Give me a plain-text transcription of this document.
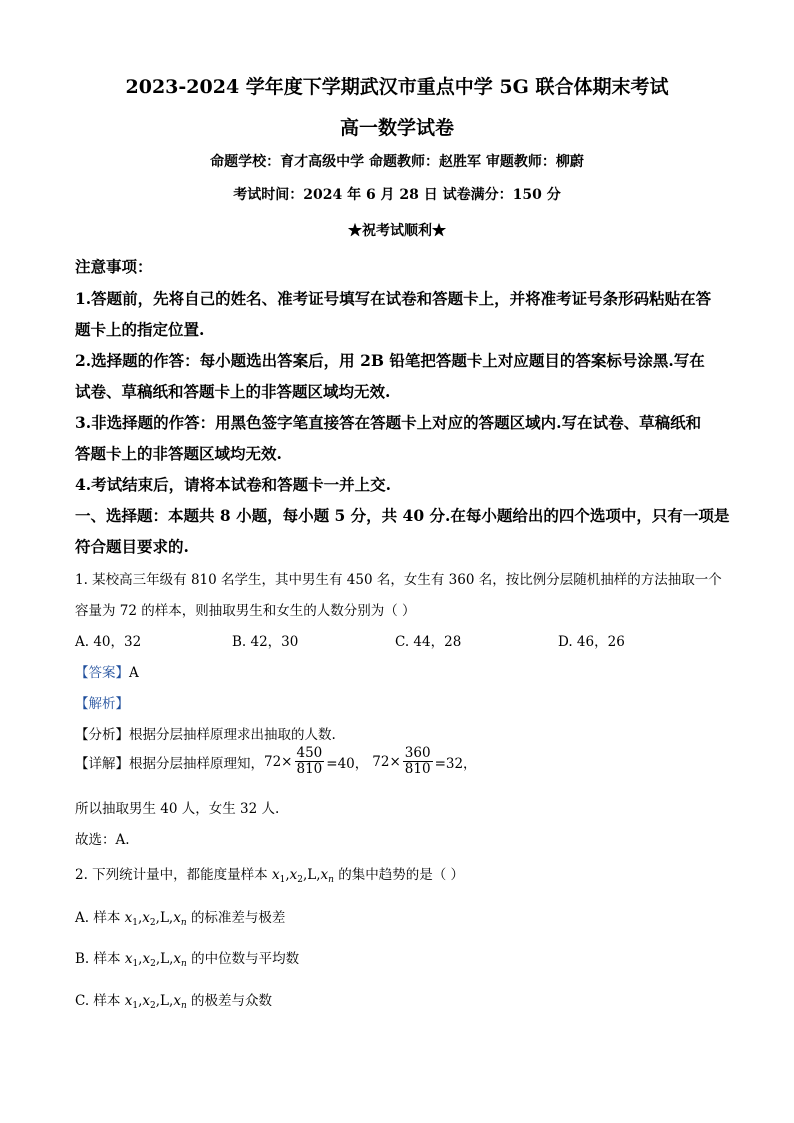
2023-2024 学年度下学期武汉市重点中学 5G 联合体期末考试
高一数学试卷
命题学校：育才高级中学 命题教师：赵胜军 审题教师：柳蔚
考试时间：2024 年 6 月 28 日 试卷满分：150 分
★祝考试顺利★
注意事项：
1.答题前，先将自己的姓名、准考证号填写在试卷和答题卡上，并将准考证号条形码粘贴在答
题卡上的指定位置.
2.选择题的作答：每小题选出答案后，用 2B 铅笔把答题卡上对应题目的答案标号涂黑.写在
试卷、草稿纸和答题卡上的非答题区域均无效.
3.非选择题的作答：用黑色签字笔直接答在答题卡上对应的答题区域内.写在试卷、草稿纸和
答题卡上的非答题区域均无效.
4.考试结束后，请将本试卷和答题卡一并上交.
一、选择题：本题共 8 小题，每小题 5 分，共 40 分.在每小题给出的四个选项中，只有一项是
符合题目要求的.
1. 某校高三年级有 810 名学生，其中男生有 450 名，女生有 360 名，按比例分层随机抽样的方法抽取一个
容量为 72 的样本，则抽取男生和女生的人数分别为（ ）
A. 40，32	B. 42，30	C. 44，28	D. 46，26
【答案】A
【解析】
【分析】根据分层抽样原理求出抽取的人数.
【详解】 根据分层抽样原理知， $72\times \frac{450}{810} =40$， $72\times \frac{360}{810} =32$，
所以抽取男生 40 人，女生 32 人.
故选：A.
2. 下列统计量中，都能度量样本 $x_1,x_2,L,x_n$ 的集中趋势的是（ ）
A. 样本 $x_1,x_2,L,x_n$ 的标准差与极差
B. 样本 $x_1,x_2,L,x_n$ 的中位数与平均数
C. 样本 $x_1,x_2,L,x_n$ 的极差与众数
